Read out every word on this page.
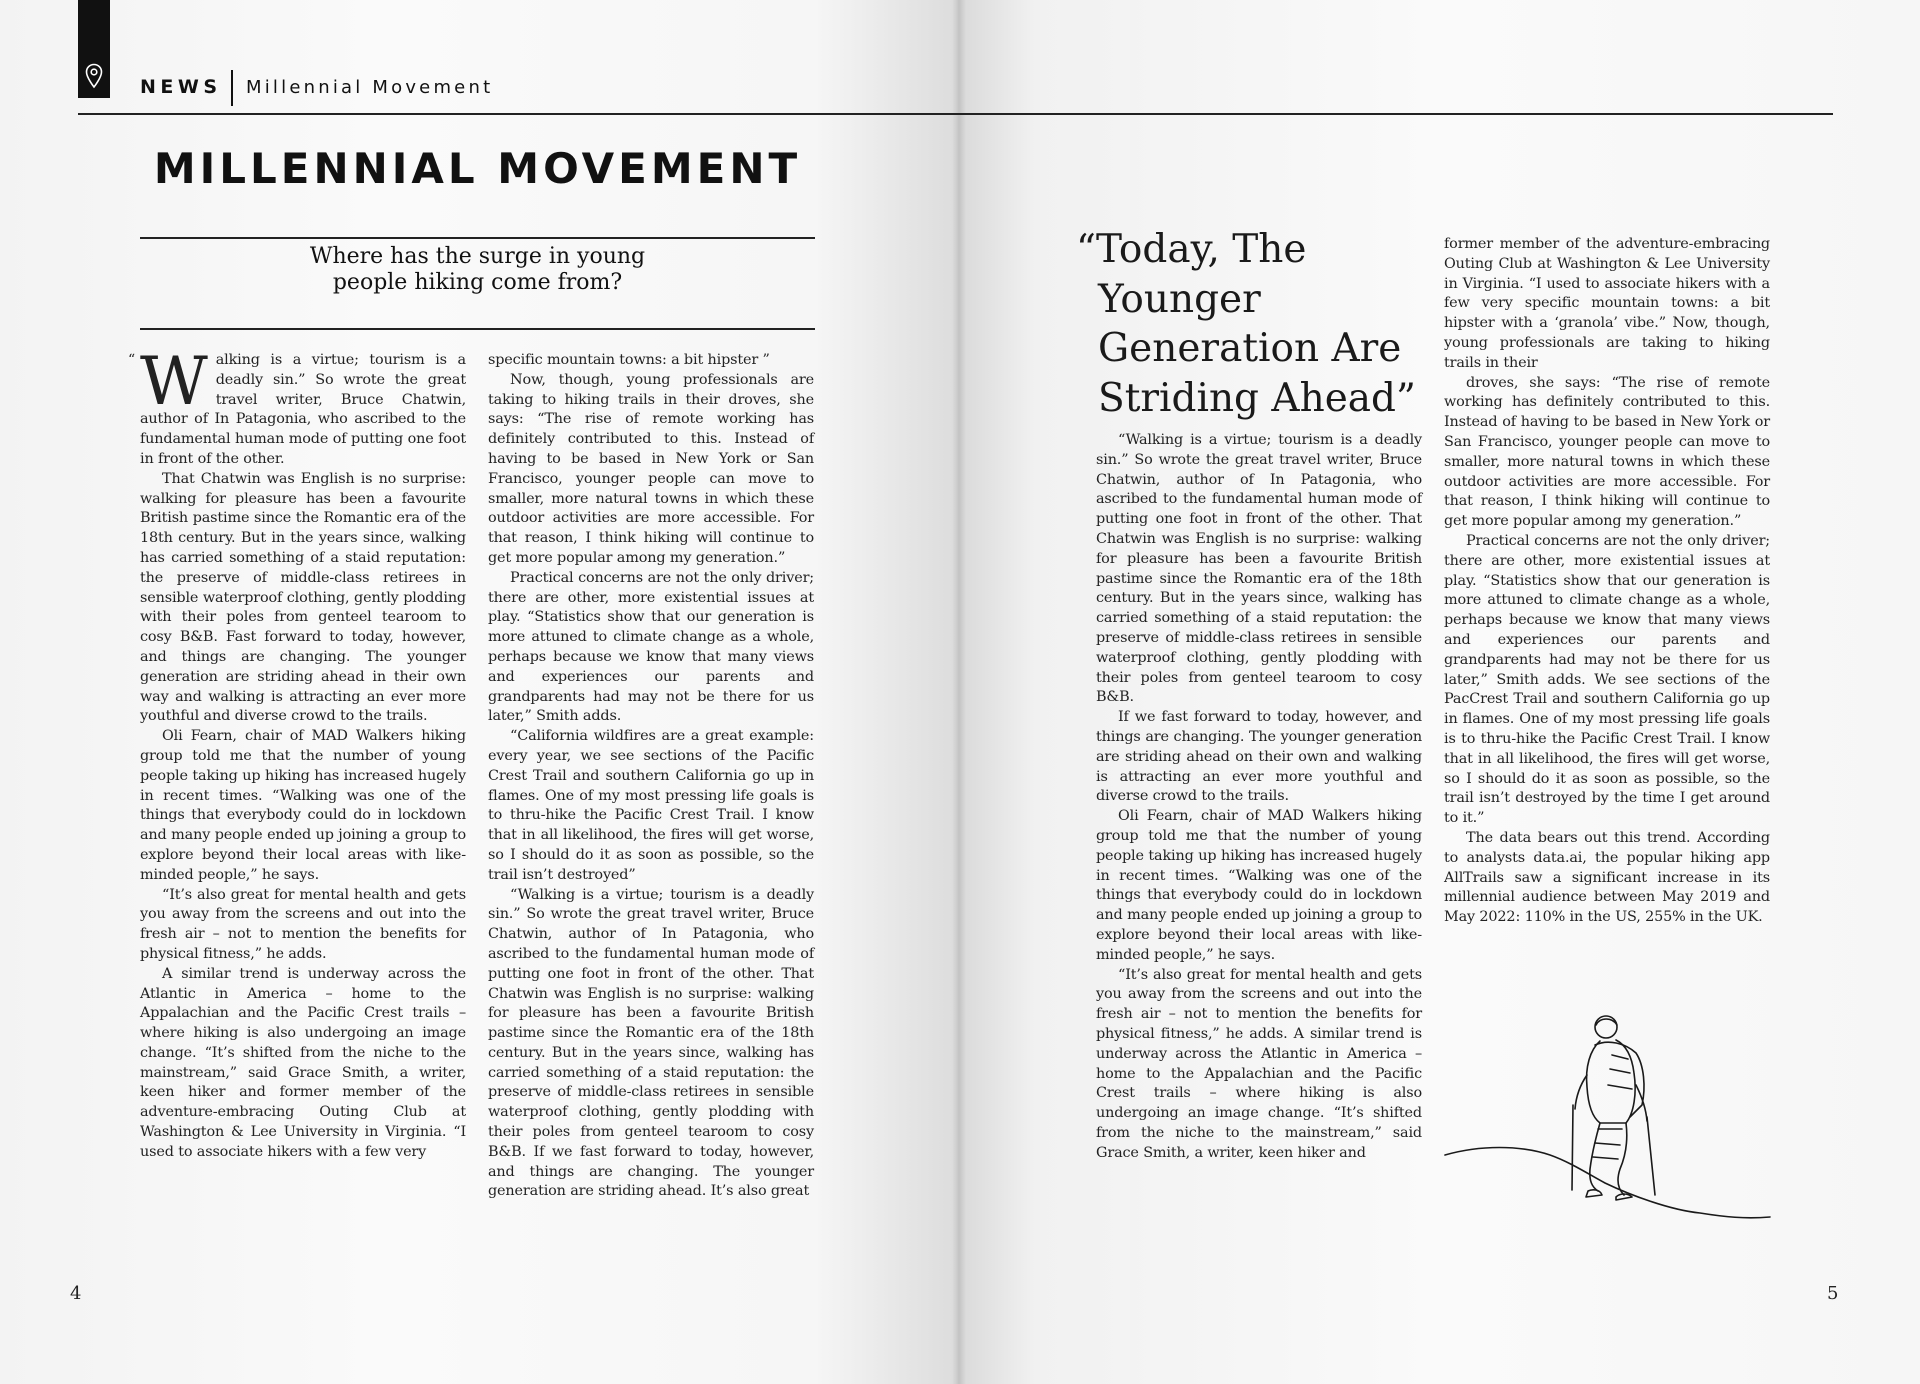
NEWS Millennial Movement
MILLENNIAL MOVEMENT
Where has the surge in young people hiking come from?
“ Walking is a virtue; tourism is a deadly sin.” So wrote the great travel writer, Bruce Chatwin, author of In Patagonia, who ascribed to the fundamental human mode of putting one foot in front of the other.

That Chatwin was English is no surprise: walking for pleasure has been a favourite British pastime since the Romantic era of the 18th century. But in the years since, walking has carried something of a staid reputation: the preserve of middle-class retirees in sensible waterproof clothing, gently plodding with their poles from genteel tearoom to cosy B&B. Fast forward to today, however, and things are changing. The younger generation are striding ahead in their own way and walking is attracting an ever more youthful and diverse crowd to the trails.

Oli Fearn, chair of MAD Walkers hiking group told me that the number of young people taking up hiking has increased hugely in recent times. “Walking was one of the things that everybody could do in lockdown and many people ended up joining a group to explore beyond their local areas with like-minded people,” he says.

“It’s also great for mental health and gets you away from the screens and out into the fresh air – not to mention the benefits for physical fitness,” he adds.

A similar trend is underway across the Atlantic in America – home to the Appalachian and the Pacific Crest trails – where hiking is also undergoing an image change. “It’s shifted from the niche to the mainstream,” said Grace Smith, a writer, keen hiker and former member of the adventure-embracing Outing Club at Washington & Lee University in Virginia. “I used to associate hikers with a few very

specific mountain towns: a bit hipster ”

Now, though, young professionals are taking to hiking trails in their droves, she says: “The rise of remote working has definitely contributed to this. Instead of having to be based in New York or San Francisco, younger people can move to smaller, more natural towns in which these outdoor activities are more accessible. For that reason, I think hiking will continue to get more popular among my generation.”

Practical concerns are not the only driver; there are other, more existential issues at play. “Statistics show that our generation is more attuned to climate change as a whole, perhaps because we know that many views and experiences our parents and grandparents had may not be there for us later,” Smith adds.

“California wildfires are a great example: every year, we see sections of the Pacific Crest Trail and southern California go up in flames. One of my most pressing life goals is to thru-hike the Pacific Crest Trail. I know that in all likelihood, the fires will get worse, so I should do it as soon as possible, so the trail isn’t destroyed”

“Walking is a virtue; tourism is a deadly sin.” So wrote the great travel writer, Bruce Chatwin, author of In Patagonia, who ascribed to the fundamental human mode of putting one foot in front of the other. That Chatwin was English is no surprise: walking for pleasure has been a favourite British pastime since the Romantic era of the 18th century. But in the years since, walking has carried something of a staid reputation: the preserve of middle-class retirees in sensible waterproof clothing, gently plodding with their poles from genteel tearoom to cosy B&B. If we fast forward to today, however, and things are changing. The younger generation are striding ahead. It’s also great

“Today, The Younger Generation Are Striding Ahead”

“Walking is a virtue; tourism is a deadly sin.” So wrote the great travel writer, Bruce Chatwin, author of In Patagonia, who ascribed to the fundamental human mode of putting one foot in front of the other. That Chatwin was English is no surprise: walking for pleasure has been a favourite British pastime since the Romantic era of the 18th century. But in the years since, walking has carried something of a staid reputation: the preserve of middle-class retirees in sensible waterproof clothing, gently plodding with their poles from genteel tearoom to cosy B&B.

If we fast forward to today, however, and things are changing. The younger generation are striding ahead on their own and walking is attracting an ever more youthful and diverse crowd to the trails.

Oli Fearn, chair of MAD Walkers hiking group told me that the number of young people taking up hiking has increased hugely in recent times. “Walking was one of the things that everybody could do in lockdown and many people ended up joining a group to explore beyond their local areas with like-minded people,” he says.

“It’s also great for mental health and gets you away from the screens and out into the fresh air – not to mention the benefits for physical fitness,” he adds. A similar trend is underway across the Atlantic in America – home to the Appalachian and the Pacific Crest trails – where hiking is also undergoing an image change. “It’s shifted from the niche to the mainstream,” said Grace Smith, a writer, keen hiker and

former member of the adventure-embracing Outing Club at Washington & Lee University in Virginia. “I used to associate hikers with a few very specific mountain towns: a bit hipster with a ‘granola’ vibe.” Now, though, young professionals are taking to hiking trails in their

droves, she says: “The rise of remote working has definitely contributed to this. Instead of having to be based in New York or San Francisco, younger people can move to smaller, more natural towns in which these outdoor activities are more accessible. For that reason, I think hiking will continue to get more popular among my generation.”

Practical concerns are not the only driver; there are other, more existential issues at play. “Statistics show that our generation is more attuned to climate change as a whole, perhaps because we know that many views and experiences our parents and grandparents had may not be there for us later,” Smith adds. We see sections of the PacCrest Trail and southern California go up in flames. One of my most pressing life goals is to thru-hike the Pacific Crest Trail. I know that in all likelihood, the fires will get worse, so I should do it as soon as possible, so the trail isn’t destroyed by the time I get around to it.”

The data bears out this trend. According to analysts data.ai, the popular hiking app AllTrails saw a significant increase in its millennial audience between May 2019 and May 2022: 110% in the US, 255% in the UK.

4	5
